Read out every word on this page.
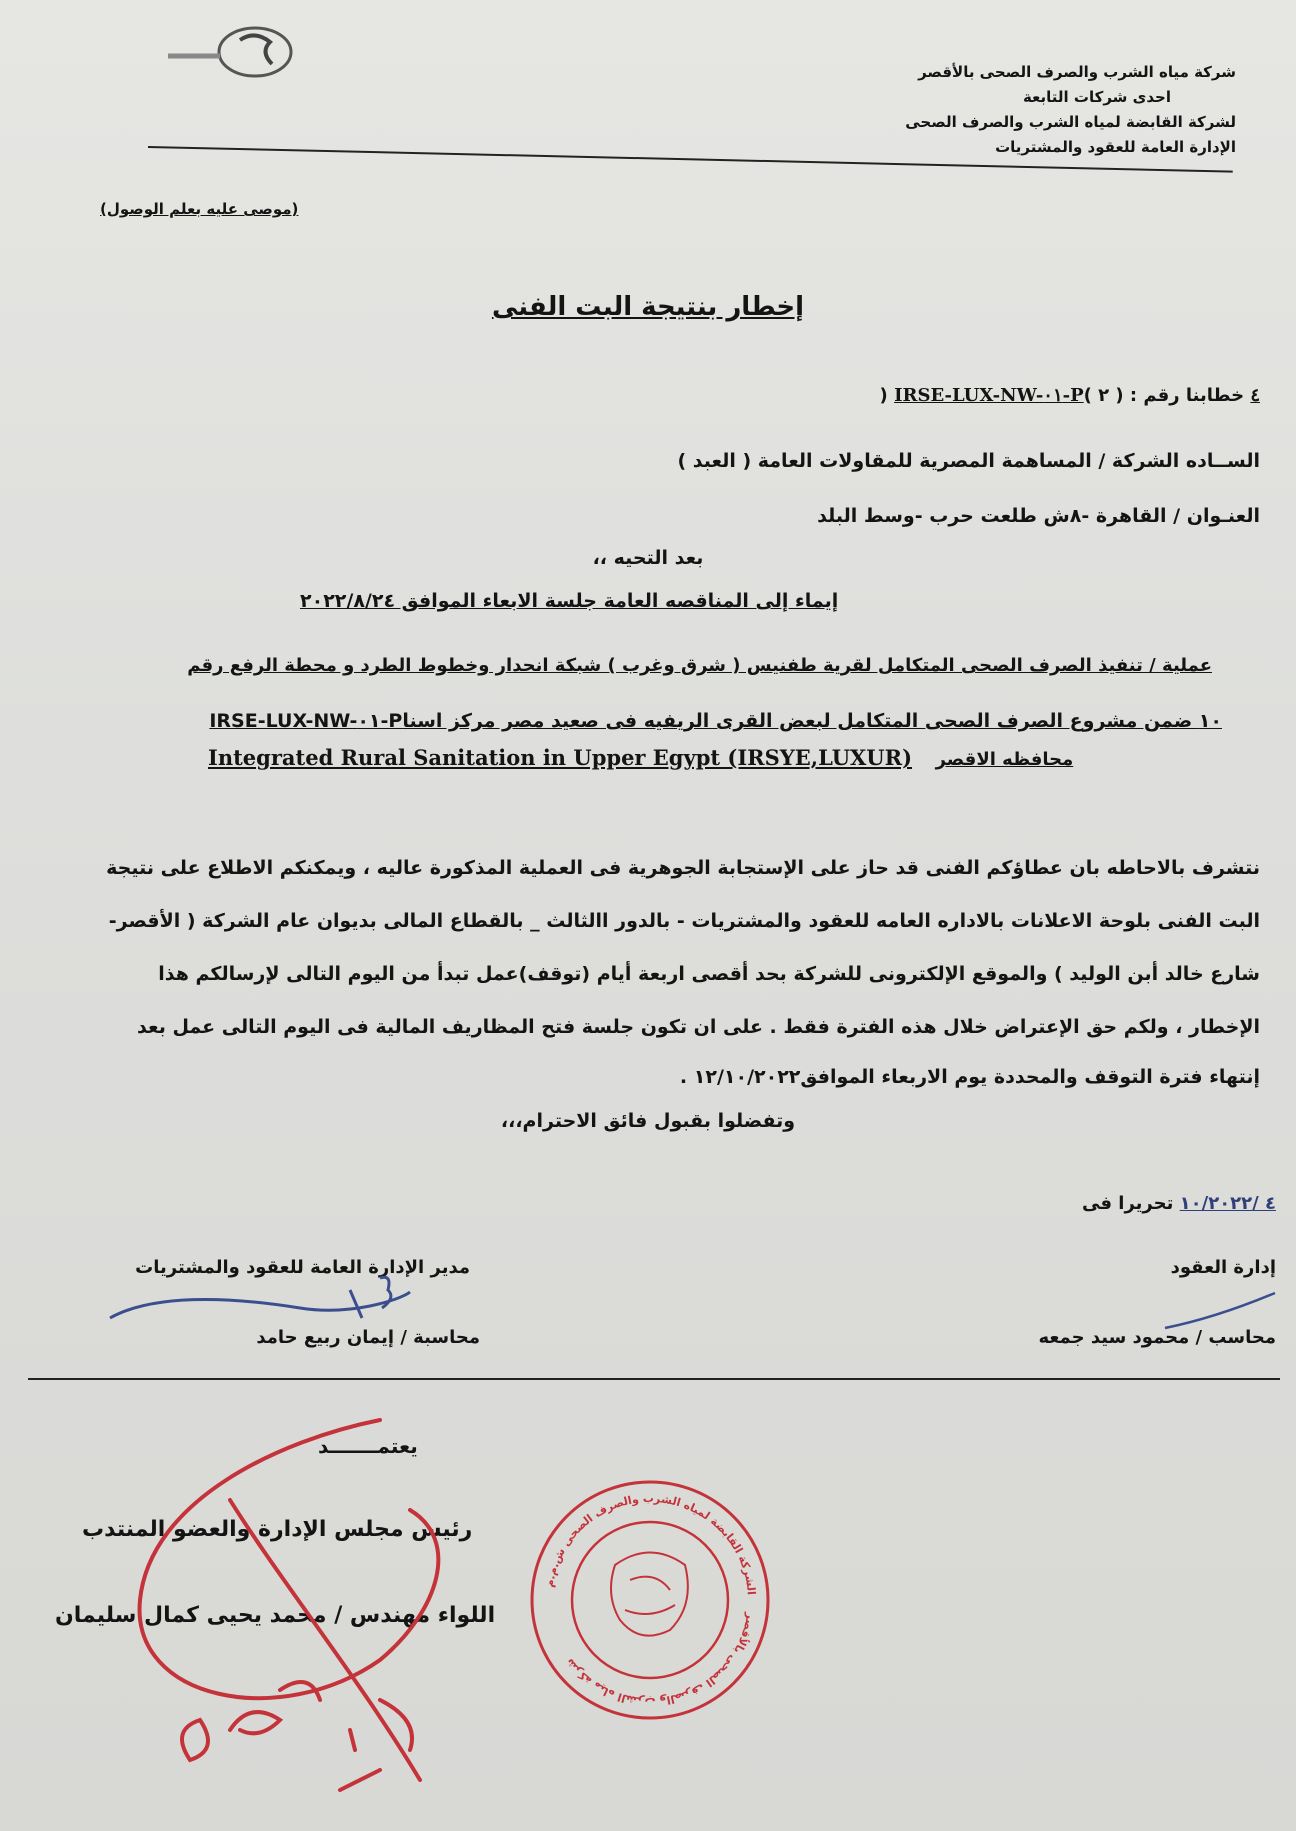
شركة مياه الشرب والصرف الصحى بالأقصر
احدى شركات التابعة
لشركة القابضة لمياه الشرب والصرف الصحى
الإدارة العامة للعقود والمشتريات
(موصى عليه بعلم الوصول)
إخطار بنتيجة البت الفنى
) IRSE-LUX-NW-٠١-P٤ خطابنا رقم : ( ٢ )
الســاده الشركة / المساهمة المصرية للمقاولات العامة ( العبد )
العنـوان / القاهرة -٨ش طلعت حرب -وسط البلد
بعد التحيه ،،
إيماء إلى المناقصه العامة جلسة الابعاء الموافق ٢٠٢٢/٨/٢٤
عملية / تنفيذ الصرف الصحى المتكامل لقرية طفنيس ( شرق وغرب ) شبكة انحدار وخطوط الطرد و محطة الرفع رقم
IRSE-LUX-NW-٠١-P١٠ ضمن مشروع الصرف الصحى المتكامل لبعض القرى الريفيه فى صعيد مصر مركز اسنا
Integrated Rural Sanitation in Upper Egypt (IRSYE,LUXUR) محافظه الاقصر
نتشرف بالاحاطه بان عطاؤكم الفنى قد حاز على الإستجابة الجوهرية فى العملية المذكورة عاليه ، ويمكنكم الاطلاع على نتيجة
البت الفنى بلوحة الاعلانات بالاداره العامه للعقود والمشتريات - بالدور االثالث _ بالقطاع المالى بديوان عام الشركة ( الأقصر-
شارع خالد أبن الوليد ) والموقع الإلكترونى للشركة بحد أقصى اربعة أيام (توقف)عمل تبدأ من اليوم التالى لإرسالكم هذا
الإخطار ، ولكم حق الإعتراض خلال هذه الفترة فقط . على ان تكون جلسة فتح المظاريف المالية فى اليوم التالى عمل بعد
إنتهاء فترة التوقف والمحددة يوم الاربعاء الموافق١٢/١٠/٢٠٢٢ .
وتفضلوا بقبول فائق الاحترام،،،
٤ /١٠/٢٠٢٢ تحريرا فى
إدارة العقود
محاسب / محمود سيد جمعه
مدير الإدارة العامة للعقود والمشتريات
محاسبة / إيمان ربيع حامد
يعتمـــــــد
رئيس مجلس الإدارة والعضو المنتدب
اللواء مهندس / محمد يحيى كمال سليمان
الشركة القابضة لمياه الشرب والصرف الصحى ش.م.م
شركة مياه الشرب والصرف الصحى بالأقصر
